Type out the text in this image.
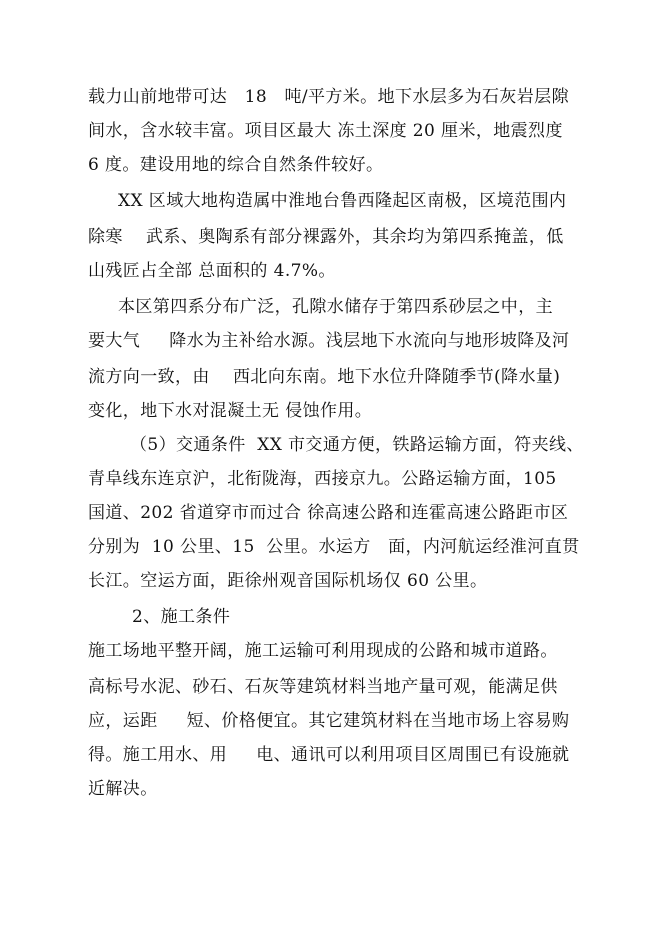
载力山前地带可达   18   吨/平方米。地下水层多为石灰岩层隙
间水，含水较丰富。项目区最大 冻土深度 20 厘米，地震烈度
6 度。建设用地的综合自然条件较好。
XX 区域大地构造属中淮地台鲁西隆起区南极，区境范围内
除寒    武系、奥陶系有部分裸露外，其余均为第四系掩盖，低
山残匠占全部 总面积的 4.7%。
本区第四系分布广泛，孔隙水储存于第四系砂层之中，主
要大气     降水为主补给水源。浅层地下水流向与地形坡降及河
流方向一致，由    西北向东南。地下水位升降随季节(降水量)
变化，地下水对混凝土无 侵蚀作用。
（5）交通条件  XX 市交通方便，铁路运输方面，符夹线、
青阜线东连京沪，北衔陇海，西接京九。公路运输方面，105
国道、202 省道穿市而过合 徐高速公路和连霍高速公路距市区
分别为  10 公里、15  公里。水运方   面，内河航运经淮河直贯
长江。空运方面，距徐州观音国际机场仅 60 公里。
2、施工条件
施工场地平整开阔，施工运输可利用现成的公路和城市道路。
高标号水泥、砂石、石灰等建筑材料当地产量可观，能满足供
应，运距     短、价格便宜。其它建筑材料在当地市场上容易购
得。施工用水、用     电、通讯可以利用项目区周围已有设施就
近解决。
